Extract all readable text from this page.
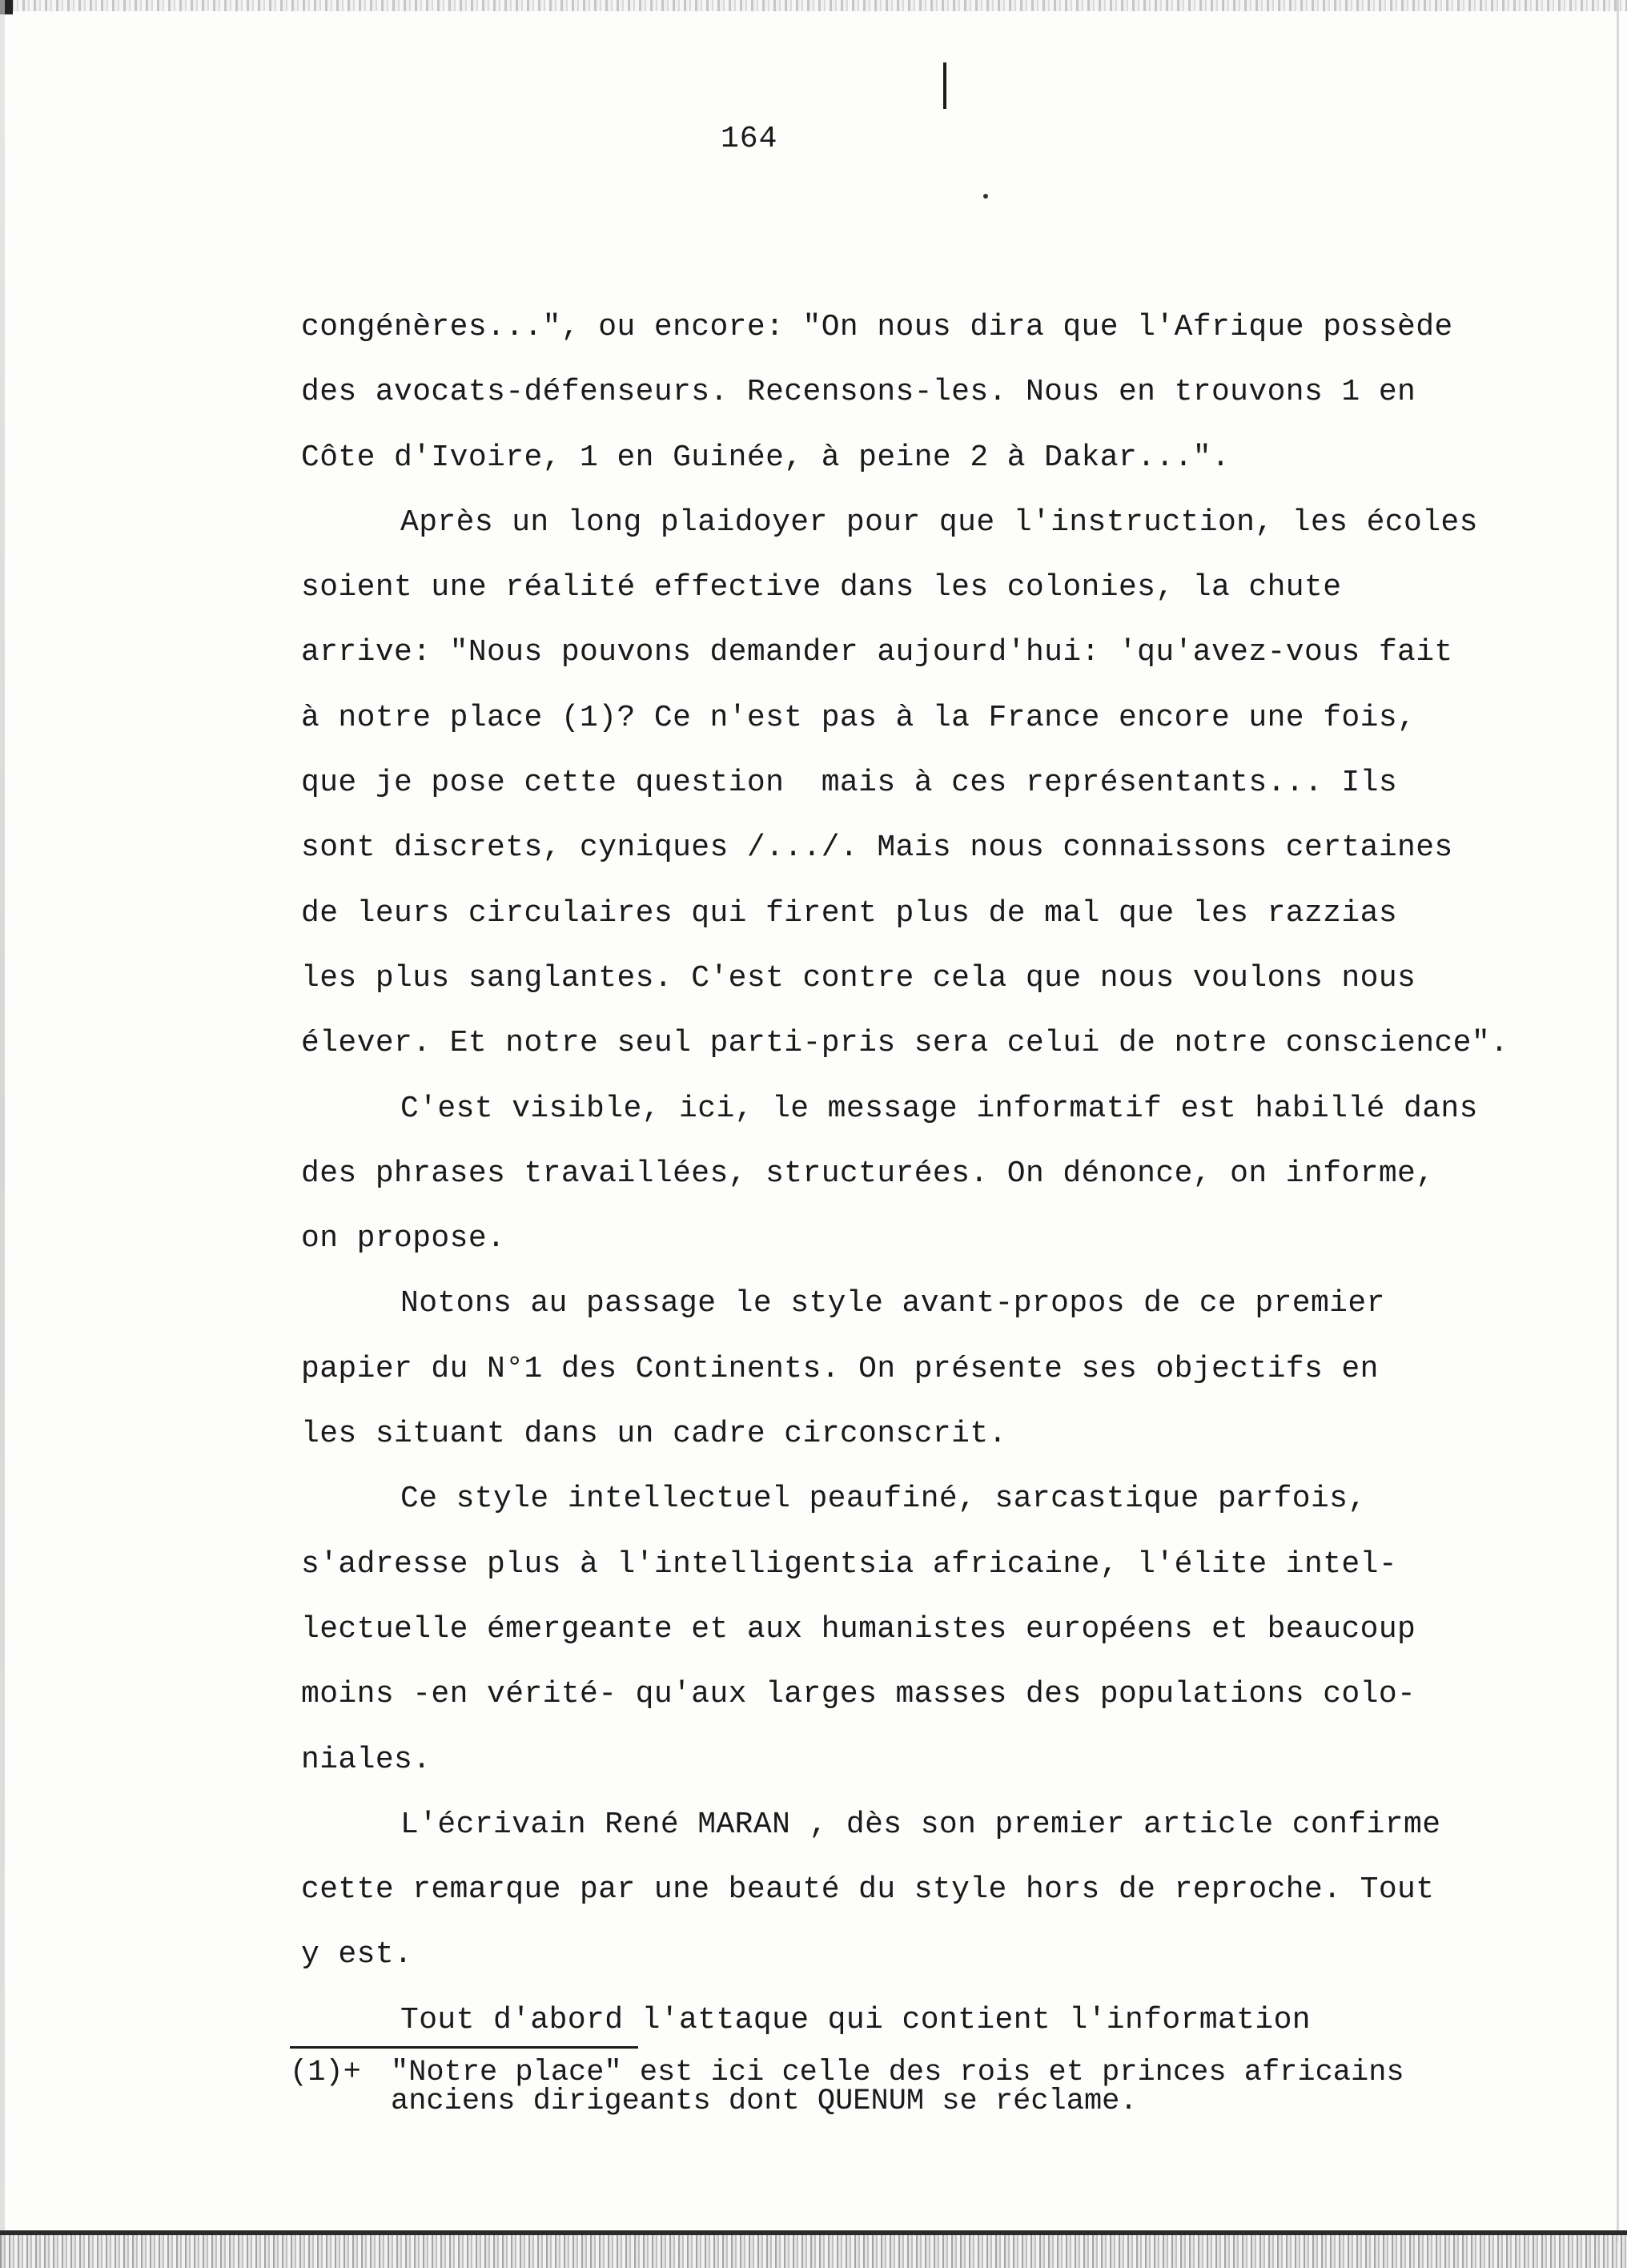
164
congénères...", ou encore: "On nous dira que l'Afrique possède
des avocats-défenseurs. Recensons-les. Nous en trouvons 1 en
Côte d'Ivoire, 1 en Guinée, à peine 2 à Dakar...".
Après un long plaidoyer pour que l'instruction, les écoles
soient une réalité effective dans les colonies, la chute
arrive: "Nous pouvons demander aujourd'hui: 'qu'avez-vous fait
à notre place (1)? Ce n'est pas à la France encore une fois,
que je pose cette question  mais à ces représentants... Ils
sont discrets, cyniques /.../. Mais nous connaissons certaines
de leurs circulaires qui firent plus de mal que les razzias
les plus sanglantes. C'est contre cela que nous voulons nous
élever. Et notre seul parti-pris sera celui de notre conscience".
C'est visible, ici, le message informatif est habillé dans
des phrases travaillées, structurées. On dénonce, on informe,
on propose.
Notons au passage le style avant-propos de ce premier
papier du N°1 des Continents. On présente ses objectifs en
les situant dans un cadre circonscrit.
Ce style intellectuel peaufiné, sarcastique parfois,
s'adresse plus à l'intelligentsia africaine, l'élite intel-
lectuelle émergeante et aux humanistes européens et beaucoup
moins -en vérité- qu'aux larges masses des populations colo-
niales.
L'écrivain René MARAN , dès son premier article confirme
cette remarque par une beauté du style hors de reproche. Tout
y est.
Tout d'abord l'attaque qui contient l'information
(1)+	"Notre place" est ici celle des rois et princes africains
anciens dirigeants dont QUENUM se réclame.
